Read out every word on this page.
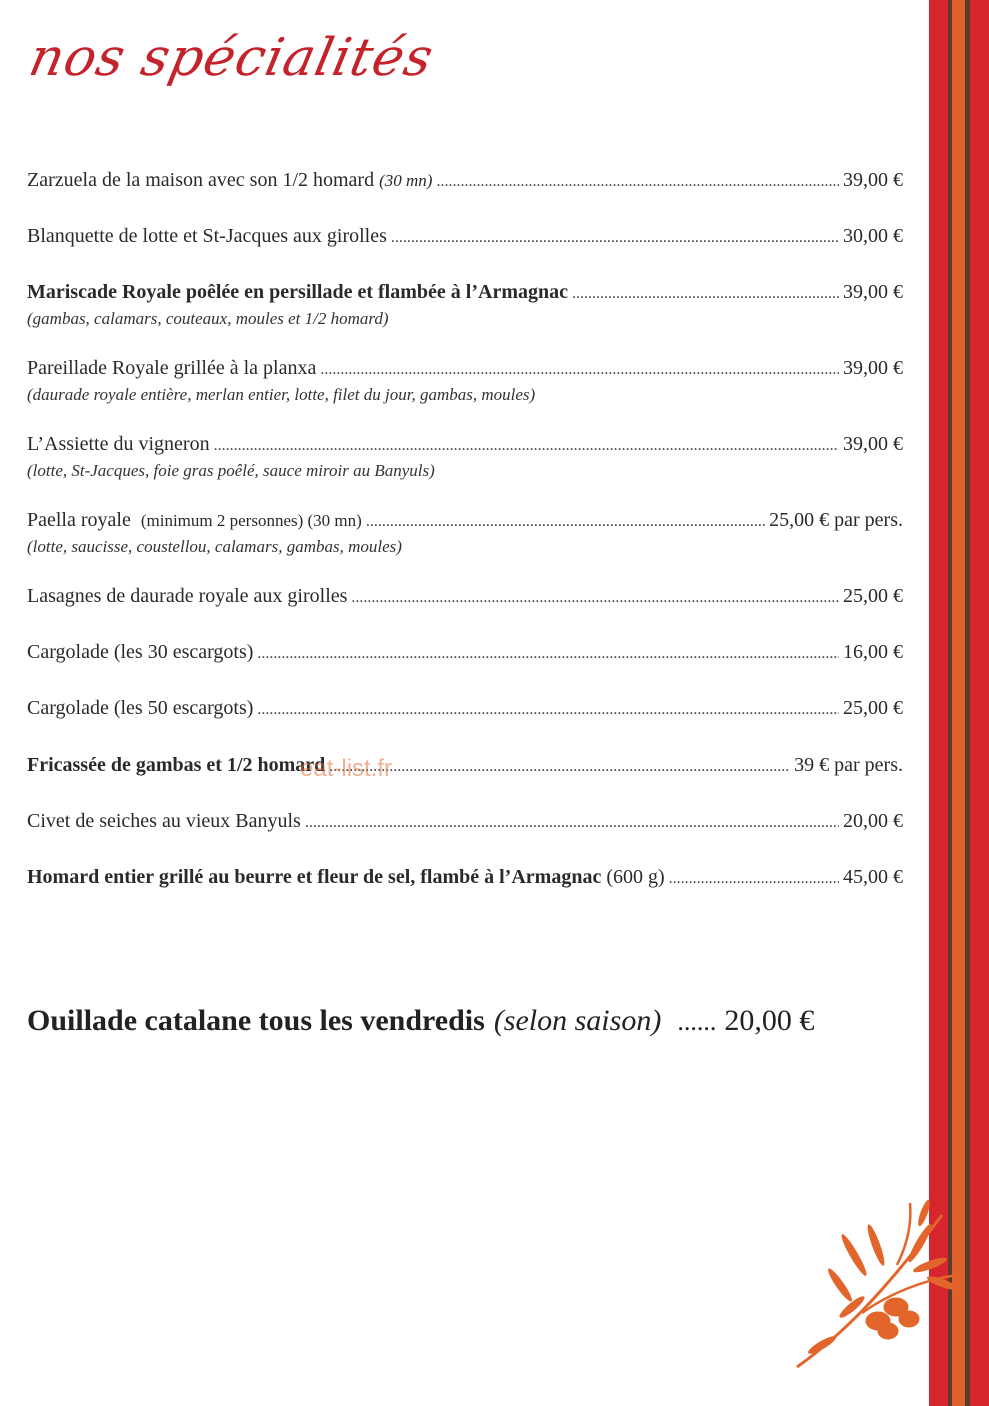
nos spécialités
Zarzuela de la maison avec son 1/2 homard (30 mn) .....	39,00 €
Blanquette de lotte et St-Jacques aux girolles .....	30,00 €
Mariscade Royale poêlée en persillade et flambée à l’Armagnac .....	39,00 €
(gambas, calamars, couteaux, moules et 1/2 homard)
Pareillade Royale grillée à la planxa .....	39,00 €
(daurade royale entière, merlan entier, lotte, filet du jour, gambas, moules)
L’Assiette du vigneron .....	39,00 €
(lotte, St-Jacques, foie gras poêlé, sauce miroir au Banyuls)
Paella royale (minimum 2 personnes) (30 mn) .....	25,00 € par pers.
(lotte, saucisse, coustellou, calamars, gambas, moules)
Lasagnes de daurade royale aux girolles .....	25,00 €
Cargolade (les 30 escargots) .....	16,00 €
Cargolade (les 50 escargots) .....	25,00 €
Fricassée de gambas et 1/2 homard .....	39 € par pers.
Civet de seiches au vieux Banyuls .....	20,00 €
Homard entier grillé au beurre et fleur de sel, flambé à l’Armagnac (600 g) .....	45,00 €
Ouillade catalane tous les vendredis (selon saison) ...... 20,00 €
eat-list.fr
